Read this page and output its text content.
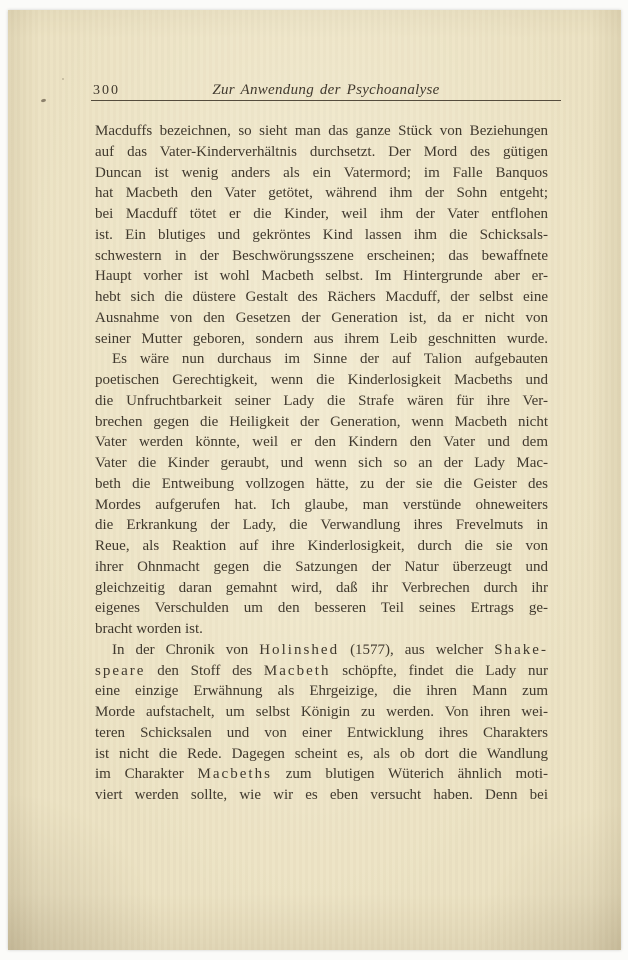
300	Zur Anwendung der Psychoanalyse
Macduffs bezeichnen, so sieht man das ganze Stück von Beziehungen
auf das Vater-Kinderverhältnis durchsetzt. Der Mord des gütigen
Duncan ist wenig anders als ein Vatermord; im Falle Banquos
hat Macbeth den Vater getötet, während ihm der Sohn entgeht;
bei Macduff tötet er die Kinder, weil ihm der Vater entflohen
ist. Ein blutiges und gekröntes Kind lassen ihm die Schicksals-
schwestern in der Beschwörungsszene erscheinen; das bewaffnete
Haupt vorher ist wohl Macbeth selbst. Im Hintergrunde aber er-
hebt sich die düstere Gestalt des Rächers Macduff, der selbst eine
Ausnahme von den Gesetzen der Generation ist, da er nicht von
seiner Mutter geboren, sondern aus ihrem Leib geschnitten wurde.
Es wäre nun durchaus im Sinne der auf Talion aufgebauten
poetischen Gerechtigkeit, wenn die Kinderlosigkeit Macbeths und
die Unfruchtbarkeit seiner Lady die Strafe wären für ihre Ver-
brechen gegen die Heiligkeit der Generation, wenn Macbeth nicht
Vater werden könnte, weil er den Kindern den Vater und dem
Vater die Kinder geraubt, und wenn sich so an der Lady Mac-
beth die Entweibung vollzogen hätte, zu der sie die Geister des
Mordes aufgerufen hat. Ich glaube, man verstünde ohneweiters
die Erkrankung der Lady, die Verwandlung ihres Frevelmuts in
Reue, als Reaktion auf ihre Kinderlosigkeit, durch die sie von
ihrer Ohnmacht gegen die Satzungen der Natur überzeugt und
gleichzeitig daran gemahnt wird, daß ihr Verbrechen durch ihr
eigenes Verschulden um den besseren Teil seines Ertrags ge-
bracht worden ist.
In der Chronik von Holinshed (1577), aus welcher Shake-
speare den Stoff des Macbeth schöpfte, findet die Lady nur
eine einzige Erwähnung als Ehrgeizige, die ihren Mann zum
Morde aufstachelt, um selbst Königin zu werden. Von ihren wei-
teren Schicksalen und von einer Entwicklung ihres Charakters
ist nicht die Rede. Dagegen scheint es, als ob dort die Wandlung
im Charakter Macbeths zum blutigen Wüterich ähnlich moti-
viert werden sollte, wie wir es eben versucht haben. Denn bei
